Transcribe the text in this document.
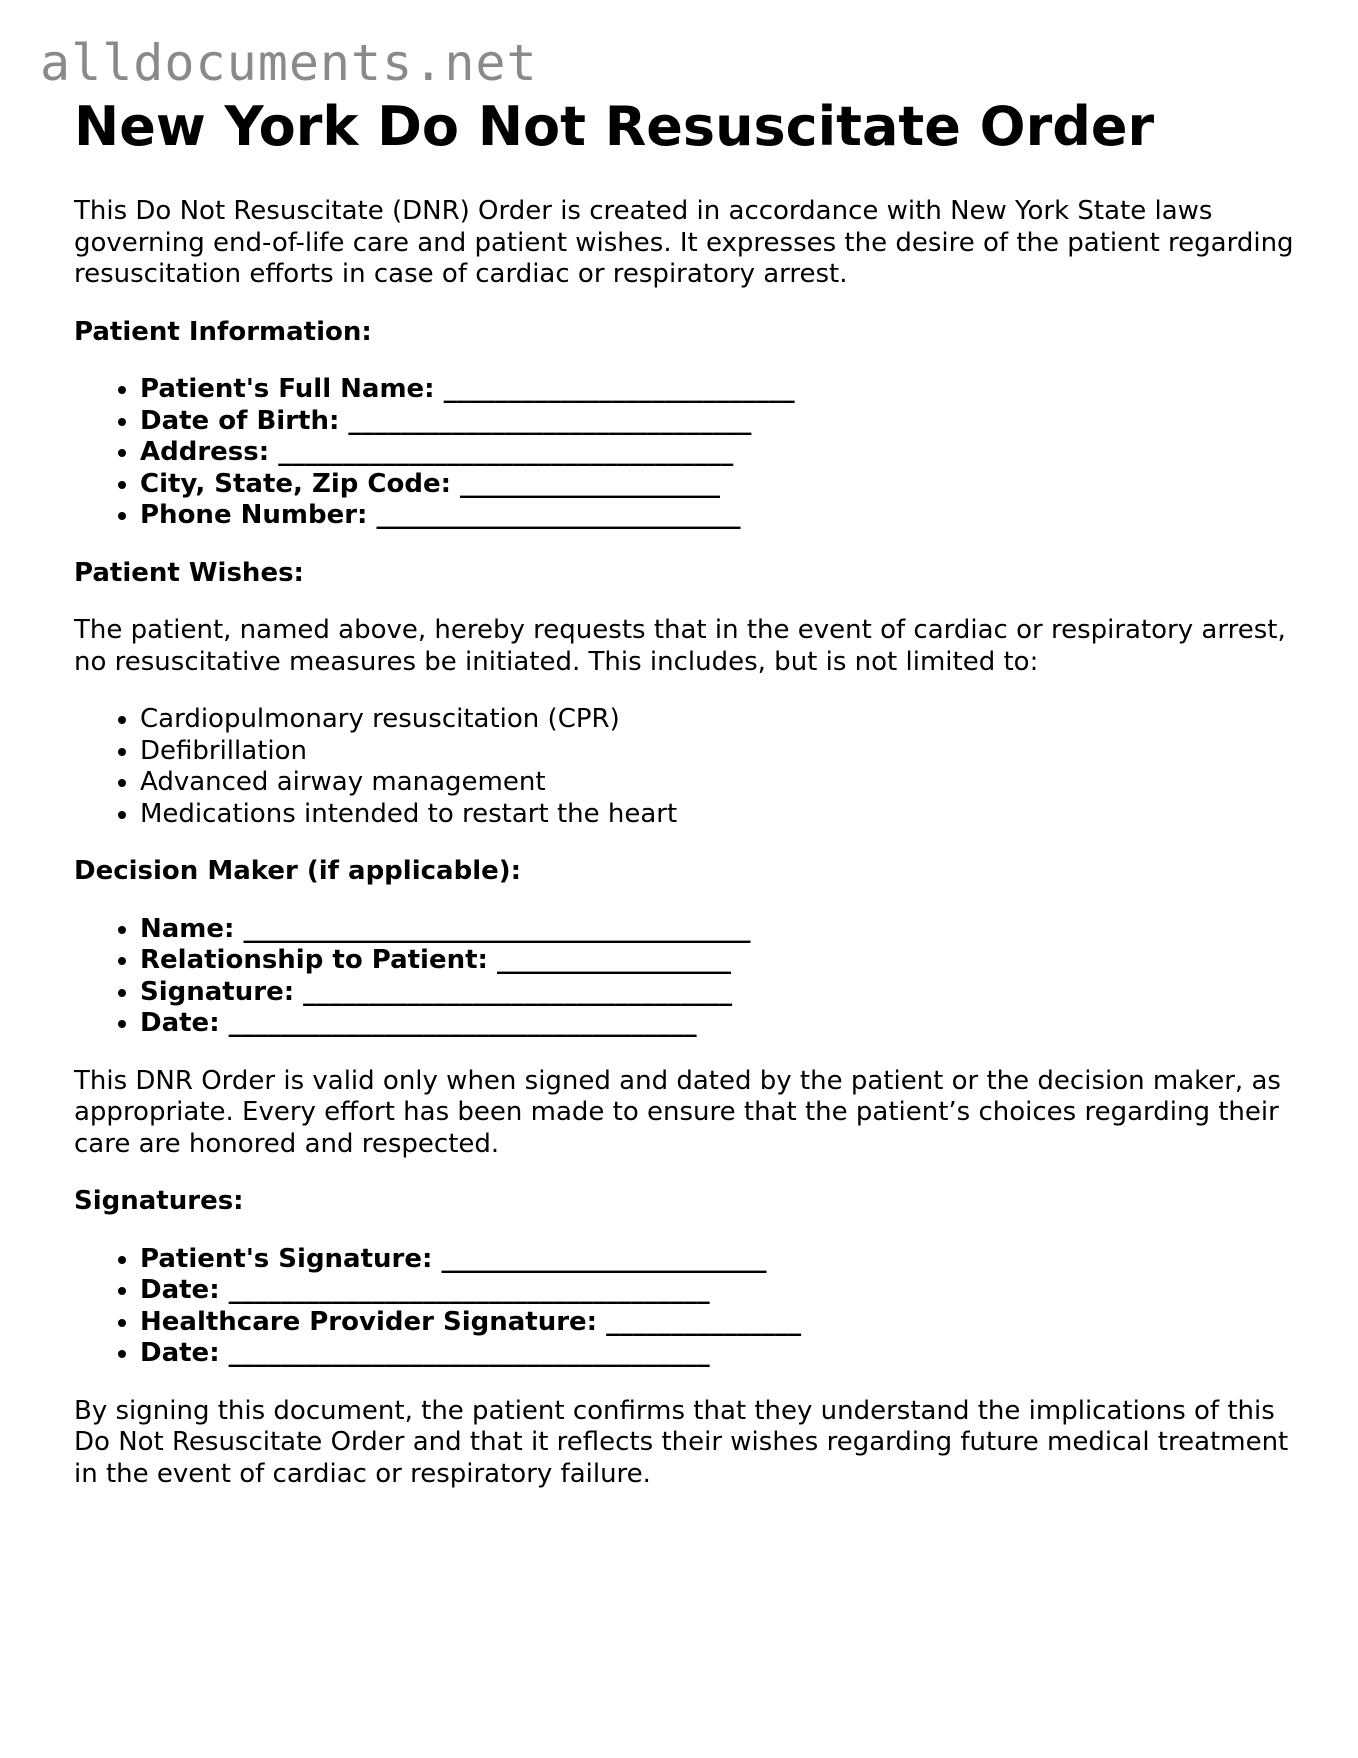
alldocuments.net
New York Do Not Resuscitate Order

This Do Not Resuscitate (DNR) Order is created in accordance with New York State laws governing end-of-life care and patient wishes. It expresses the desire of the patient regarding resuscitation efforts in case of cardiac or respiratory arrest.

Patient Information:
• Patient's Full Name: ___________________________
• Date of Birth: _______________________________
• Address: ___________________________________
• City, State, Zip Code: ____________________
• Phone Number: ____________________________
Patient Wishes:

The patient, named above, hereby requests that in the event of cardiac or respiratory arrest, no resuscitative measures be initiated. This includes, but is not limited to:

• Cardiopulmonary resuscitation (CPR)
• Defibrillation
• Advanced airway management
• Medications intended to restart the heart
Decision Maker (if applicable):
• Name: _______________________________________
• Relationship to Patient: __________________
• Signature: _________________________________
• Date: ____________________________________

This DNR Order is valid only when signed and dated by the patient or the decision maker, as appropriate. Every effort has been made to ensure that the patient’s choices regarding their care are honored and respected.

Signatures:
• Patient's Signature: _________________________
• Date: _____________________________________
• Healthcare Provider Signature: _______________
• Date: _____________________________________

By signing this document, the patient confirms that they understand the implications of this Do Not Resuscitate Order and that it reflects their wishes regarding future medical treatment in the event of cardiac or respiratory failure.
